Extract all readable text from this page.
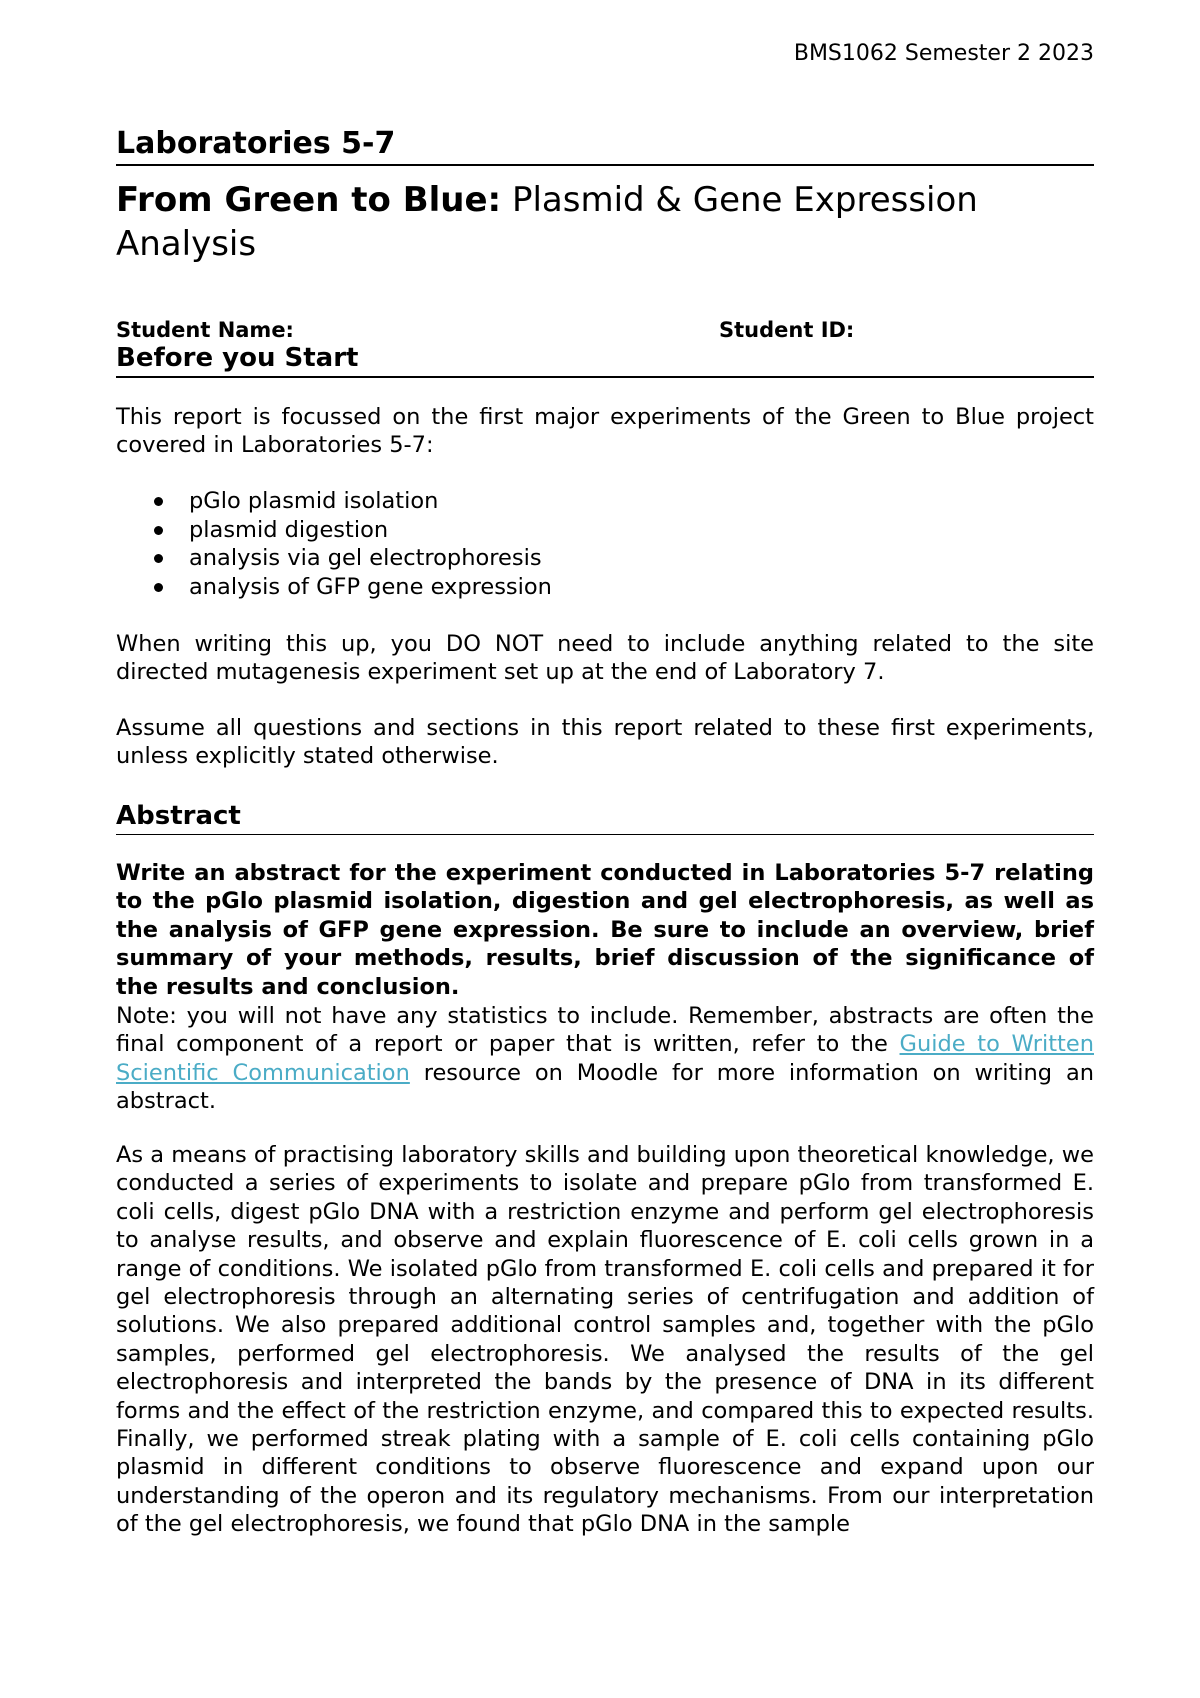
BMS1062 Semester 2 2023
Laboratories 5-7
From Green to Blue: Plasmid & Gene Expression Analysis
Student Name:	Student ID:
Before you Start
This report is focussed on the first major experiments of the Green to Blue project covered in Laboratories 5-7:
pGlo plasmid isolation
plasmid digestion
analysis via gel electrophoresis
analysis of GFP gene expression
When writing this up, you DO NOT need to include anything related to the site directed mutagenesis experiment set up at the end of Laboratory 7.
Assume all questions and sections in this report related to these first experiments, unless explicitly stated otherwise.
Abstract
Write an abstract for the experiment conducted in Laboratories 5-7 relating to the pGlo plasmid isolation, digestion and gel electrophoresis, as well as the analysis of GFP gene expression. Be sure to include an overview, brief summary of your methods, results, brief discussion of the significance of the results and conclusion.
Note: you will not have any statistics to include. Remember, abstracts are often the final component of a report or paper that is written, refer to the Guide to Written Scientific Communication resource on Moodle for more information on writing an abstract.
As a means of practising laboratory skills and building upon theoretical knowledge, we conducted a series of experiments to isolate and prepare pGlo from transformed E. coli cells, digest pGlo DNA with a restriction enzyme and perform gel electrophoresis to analyse results, and observe and explain fluorescence of E. coli cells grown in a range of conditions. We isolated pGlo from transformed E. coli cells and prepared it for gel electrophoresis through an alternating series of centrifugation and addition of solutions. We also prepared additional control samples and, together with the pGlo samples, performed gel electrophoresis. We analysed the results of the gel electrophoresis and interpreted the bands by the presence of DNA in its different forms and the effect of the restriction enzyme, and compared this to expected results. Finally, we performed streak plating with a sample of E. coli cells containing pGlo plasmid in different conditions to observe fluorescence and expand upon our understanding of the operon and its regulatory mechanisms. From our interpretation of the gel electrophoresis, we found that pGlo DNA in the sample
